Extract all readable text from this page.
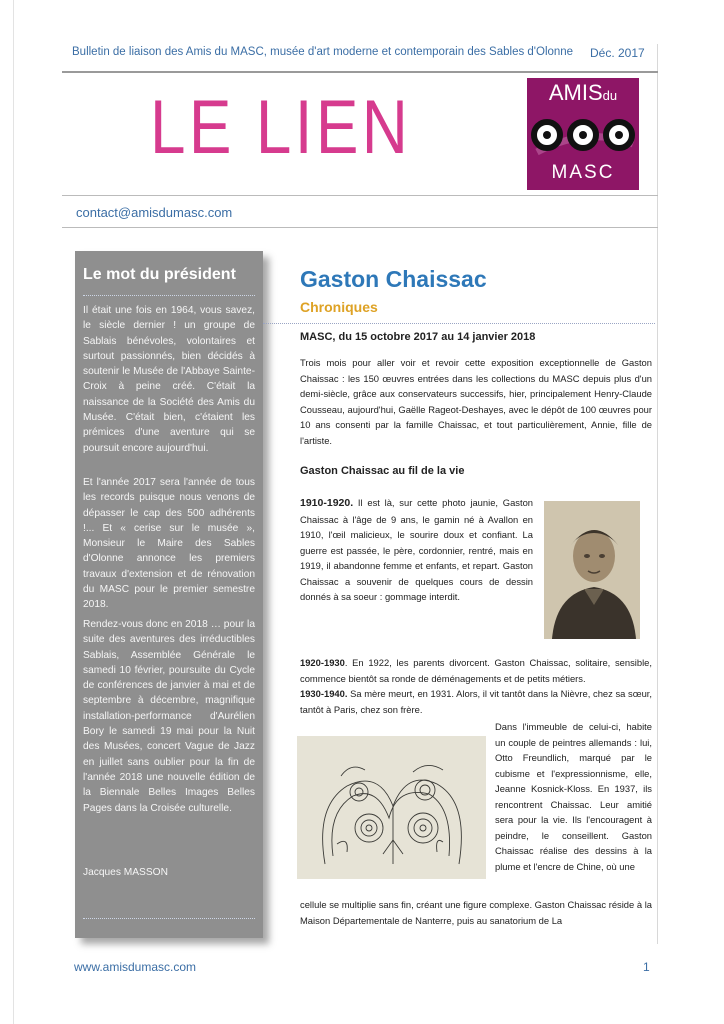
Bulletin de liaison des Amis du MASC, musée d'art moderne et contemporain des Sables d'Olonne Déc. 2017
LE LIEN	AMISdu
MASC
contact@amisdumasc.com
Le mot du président

Il était une fois en 1964, vous savez, le siècle dernier ! un groupe de Sablais bénévoles, volontaires et surtout passionnés, bien décidés à soutenir le Musée de l'Abbaye Sainte-Croix à peine créé. C'était la naissance de la Société des Amis du Musée. C'était bien, c'étaient les prémices d'une aventure qui se poursuit encore aujourd'hui.

Et l'année 2017 sera l'année de tous les records puisque nous venons de dépasser le cap des 500 adhérents !... Et « cerise sur le musée », Monsieur le Maire des Sables d'Olonne annonce les premiers travaux d'extension et de rénovation du MASC pour le premier semestre 2018.

Rendez-vous donc en 2018 … pour la suite des aventures des irréductibles Sablais, Assemblée Générale le samedi 10 février, poursuite du Cycle de conférences de janvier à mai et de septembre à décembre, magnifique installation-performance d'Aurélien Bory le samedi 19 mai pour la Nuit des Musées, concert Vague de Jazz en juillet sans oublier pour la fin de l'année 2018 une nouvelle édition de la Biennale Belles Images Belles Pages dans la Croisée culturelle.

Jacques MASSON

Gaston Chaissac
Chroniques
MASC, du 15 octobre 2017 au 14 janvier 2018

Trois mois pour aller voir et revoir cette exposition exceptionnelle de Gaston Chaissac : les 150 œuvres entrées dans les collections du MASC depuis plus d'un demi-siècle, grâce aux conservateurs successifs, hier, principalement Henry-Claude Cousseau, aujourd'hui, Gaëlle Rageot-Deshayes, avec le dépôt de 100 œuvres pour 10 ans consenti par la famille Chaissac, et tout particulièrement, Annie, fille de l'artiste.

Gaston Chaissac au fil de la vie

1910-1920. Il est là, sur cette photo jaunie, Gaston Chaissac à l'âge de 9 ans, le gamin né à Avallon en 1910, l'œil malicieux, le sourire doux et confiant. La guerre est passée, le père, cordonnier, rentré, mais en 1919, il abandonne femme et enfants, et repart. Gaston Chaissac a souvenir de quelques cours de dessin donnés à sa soeur : gommage interdit.

1920-1930. En 1922, les parents divorcent. Gaston Chaissac, solitaire, sensible, commence bientôt sa ronde de déménagements et de petits métiers.

1930-1940. Sa mère meurt, en 1931. Alors, il vit tantôt dans la Nièvre, chez sa sœur, tantôt à Paris, chez son frère.

Dans l'immeuble de celui-ci, habite un couple de peintres allemands : lui, Otto Freundlich, marqué par le cubisme et l'expressionnisme, elle, Jeanne Kosnick-Kloss. En 1937, ils rencontrent Chaissac. Leur amitié sera pour la vie. Ils l'encouragent à peindre, le conseillent. Gaston Chaissac réalise des dessins à la plume et l'encre de Chine, où une

cellule se multiplie sans fin, créant une figure complexe. Gaston Chaissac réside à la Maison Départementale de Nanterre, puis au sanatorium de La

www.amisdumasc.com	1
